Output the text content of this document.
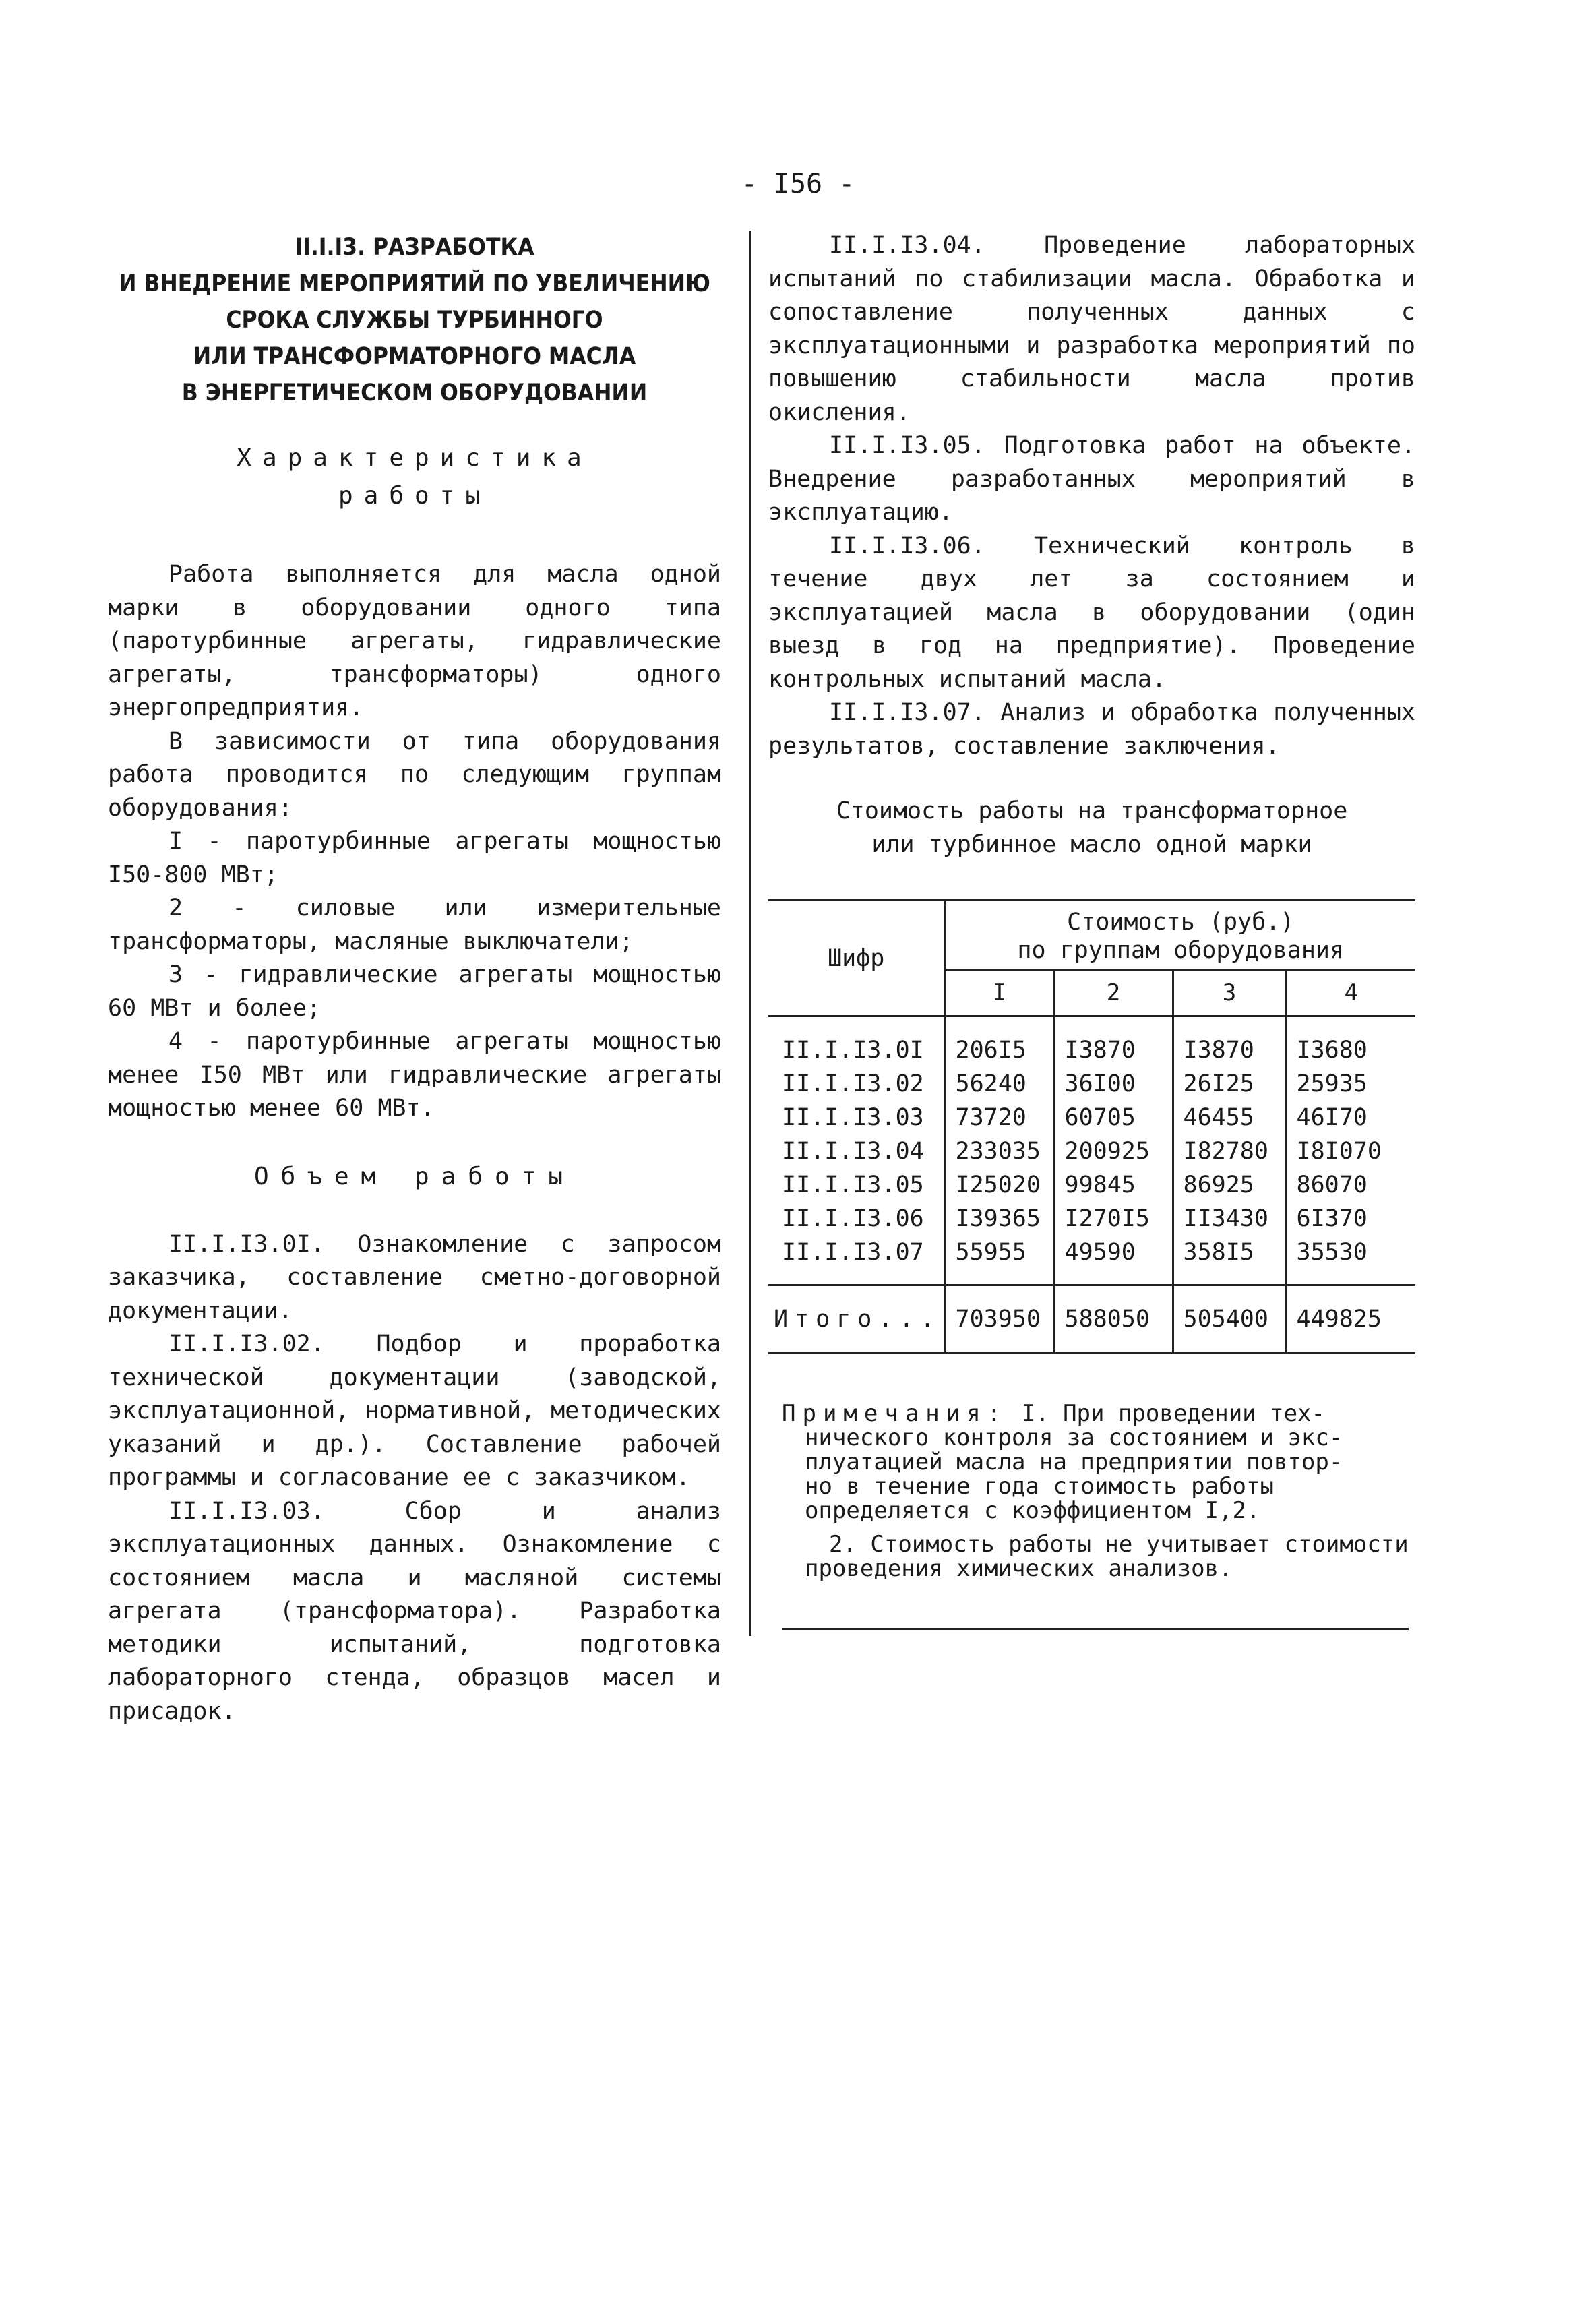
- I56 -

II.I.I3. РАЗРАБОТКА

И ВНЕДРЕНИЕ МЕРОПРИЯТИЙ ПО УВЕЛИЧЕНИЮ

СРОКА СЛУЖБЫ ТУРБИННОГО

ИЛИ ТРАНСФОРМАТОРНОГО МАСЛА

В ЭНЕРГЕТИЧЕСКОМ ОБОРУДОВАНИИ

Характеристика

работы

Работа выполняется для масла одной марки в оборудовании одного типа (паротурбинные агрегаты, гидравлические агрегаты, трансформаторы) одного энергопредприятия.

В зависимости от типа оборудования работа проводится по следующим группам оборудования:

I - паротурбинные агрегаты мощностью I50-800 МВт;

2 - силовые или измерительные трансформаторы, масляные выключатели;

3 - гидравлические агрегаты мощностью 60 МВт и более;

4 - паротурбинные агрегаты мощностью менее I50 МВт или гидравлические агрегаты мощностью менее 60 МВт.

Объем работы

II.I.I3.0I. Ознакомление с запросом заказчика, составление сметно-договорной документации.

II.I.I3.02. Подбор и проработка технической документации (заводской, эксплуатационной, нормативной, методических указаний и др.). Составление рабочей программы и согласование ее с заказчиком.

II.I.I3.03. Сбор и анализ эксплуатационных данных. Ознакомление с состоянием масла и масляной системы агрегата (трансформатора). Разработка методики испытаний, подготовка лабораторного стенда, образцов масел и присадок.

II.I.I3.04. Проведение лабораторных испытаний по стабилизации масла. Обработка и сопоставление полученных данных с эксплуатационными и разработка мероприятий по повышению стабильности масла против окисления.

II.I.I3.05. Подготовка работ на объекте. Внедрение разработанных мероприятий в эксплуатацию.

II.I.I3.06. Технический контроль в течение двух лет за состоянием и эксплуатацией масла в оборудовании (один выезд в год на предприятие). Проведение контрольных испытаний масла.

II.I.I3.07. Анализ и обработка полученных результатов, составление заключения.

Стоимость работы на трансформаторное

или турбинное масло одной марки

Шифр	Стоимость (руб.)
по группам оборудования			

	I	2	3	4
II.I.I3.0I	206I5	I3870	I3870	I3680
II.I.I3.02	56240	36I00	26I25	25935
II.I.I3.03	73720	60705	46455	46I70
II.I.I3.04	233035	200925	I82780	I8I070
II.I.I3.05	I25020	99845	86925	86070
II.I.I3.06	I39365	I270I5	II3430	6I370
II.I.I3.07	55955	49590	358I5	35530
Итого...	703950	588050	505400	449825

Примечания: I. При проведении тех-

нического контроля за состоянием и экс-

плуатацией масла на предприятии повтор-

но в течение года стоимость работы

определяется с коэффициентом I,2.

2. Стоимость работы не учитывает стоимости проведения химических анализов.
